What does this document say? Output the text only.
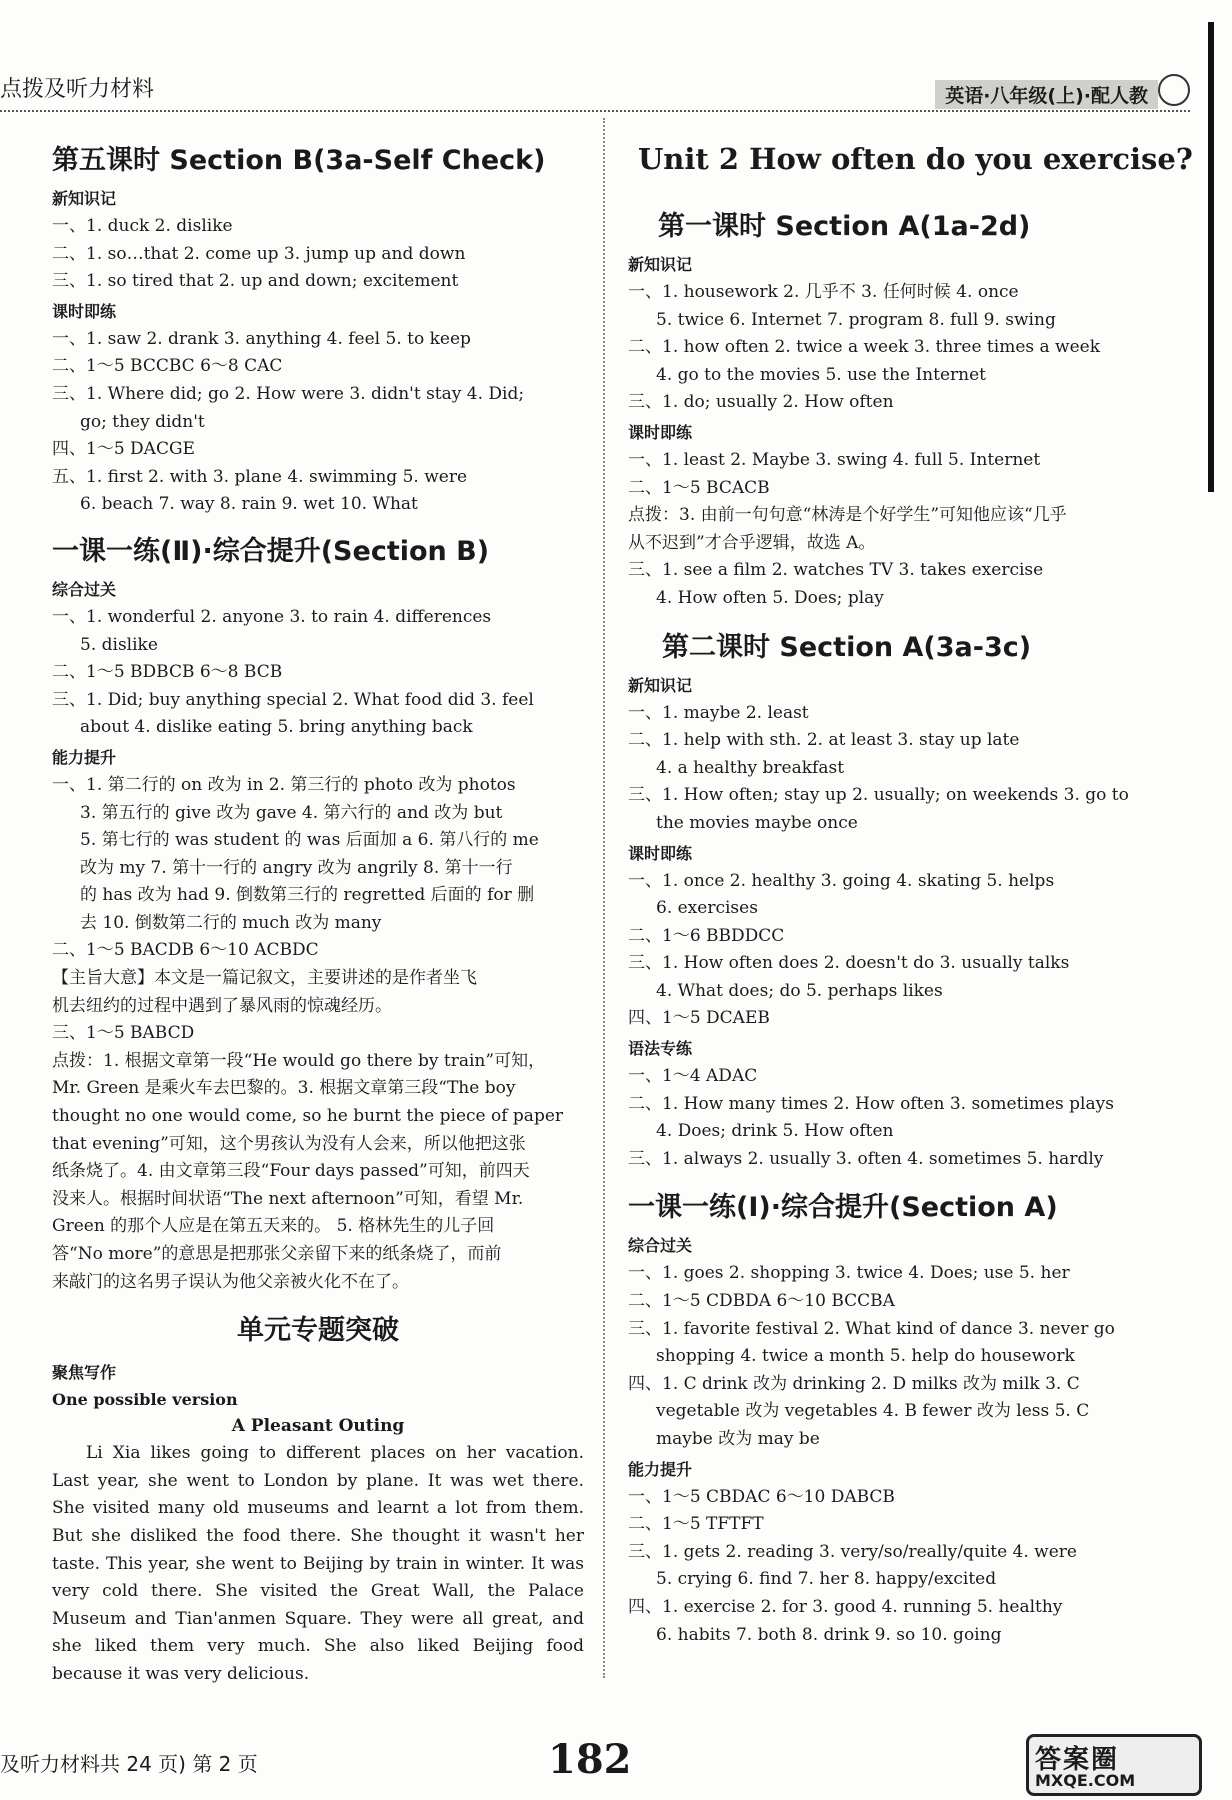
点拨及听力材料	英语·八年级(上)·配人教
第五课时 Section B(3a-Self Check)
新知识记
一、1. duck 2. dislike
二、1. so…that 2. come up 3. jump up and down
三、1. so tired that 2. up and down; excitement
课时即练
一、1. saw 2. drank 3. anything 4. feel 5. to keep
二、1～5 BCCBC 6～8 CAC
三、1. Where did; go 2. How were 3. didn't stay 4. Did;
go; they didn't
四、1～5 DACGE
五、1. first 2. with 3. plane 4. swimming 5. were
6. beach 7. way 8. rain 9. wet 10. What
一课一练(Ⅱ)·综合提升(Section B)
综合过关
一、1. wonderful 2. anyone 3. to rain 4. differences
5. dislike
二、1～5 BDBCB 6～8 BCB
三、1. Did; buy anything special 2. What food did 3. feel
about 4. dislike eating 5. bring anything back
能力提升
一、1. 第二行的 on 改为 in 2. 第三行的 photo 改为 photos
3. 第五行的 give 改为 gave 4. 第六行的 and 改为 but
5. 第七行的 was student 的 was 后面加 a 6. 第八行的 me
改为 my 7. 第十一行的 angry 改为 angrily 8. 第十一行
的 has 改为 had 9. 倒数第三行的 regretted 后面的 for 删
去 10. 倒数第二行的 much 改为 many
二、1～5 BACDB 6～10 ACBDC
【主旨大意】本文是一篇记叙文，主要讲述的是作者坐飞
机去纽约的过程中遇到了暴风雨的惊魂经历。
三、1～5 BABCD
点拨：1. 根据文章第一段“He would go there by train”可知，
Mr. Green 是乘火车去巴黎的。3. 根据文章第三段“The boy
thought no one would come, so he burnt the piece of paper
that evening”可知，这个男孩认为没有人会来，所以他把这张
纸条烧了。4. 由文章第三段“Four days passed”可知，前四天
没来人。根据时间状语“The next afternoon”可知，看望 Mr.
Green 的那个人应是在第五天来的。 5. 格林先生的儿子回
答“No more”的意思是把那张父亲留下来的纸条烧了，而前
来敲门的这名男子误认为他父亲被火化不在了。
单元专题突破
聚焦写作
One possible version
A Pleasant Outing

Li Xia likes going to different places on her vacation. Last year, she went to London by plane. It was wet there. She visited many old museums and learnt a lot from them. But she disliked the food there. She thought it wasn't her taste. This year, she went to Beijing by train in winter. It was very cold there. She visited the Great Wall, the Palace Museum and Tian'anmen Square. They were all great, and she liked them very much. She also liked Beijing food because it was very delicious.

Unit 2 How often do you exercise?
第一课时 Section A(1a-2d)
新知识记
一、1. housework 2. 几乎不 3. 任何时候 4. once
5. twice 6. Internet 7. program 8. full 9. swing
二、1. how often 2. twice a week 3. three times a week
4. go to the movies 5. use the Internet
三、1. do; usually 2. How often
课时即练
一、1. least 2. Maybe 3. swing 4. full 5. Internet
二、1～5 BCACB
点拨：3. 由前一句句意“林涛是个好学生”可知他应该“几乎
从不迟到”才合乎逻辑，故选 A。
三、1. see a film 2. watches TV 3. takes exercise
4. How often 5. Does; play
第二课时 Section A(3a-3c)
新知识记
一、1. maybe 2. least
二、1. help with sth. 2. at least 3. stay up late
4. a healthy breakfast
三、1. How often; stay up 2. usually; on weekends 3. go to
the movies maybe once
课时即练
一、1. once 2. healthy 3. going 4. skating 5. helps
6. exercises
二、1～6 BBDDCC
三、1. How often does 2. doesn't do 3. usually talks
4. What does; do 5. perhaps likes
四、1～5 DCAEB
语法专练
一、1～4 ADAC
二、1. How many times 2. How often 3. sometimes plays
4. Does; drink 5. How often
三、1. always 2. usually 3. often 4. sometimes 5. hardly
一课一练(Ⅰ)·综合提升(Section A)
综合过关
一、1. goes 2. shopping 3. twice 4. Does; use 5. her
二、1～5 CDBDA 6～10 BCCBA
三、1. favorite festival 2. What kind of dance 3. never go
shopping 4. twice a month 5. help do housework
四、1. C drink 改为 drinking 2. D milks 改为 milk 3. C
vegetable 改为 vegetables 4. B fewer 改为 less 5. C
maybe 改为 may be
能力提升
一、1～5 CBDAC 6～10 DABCB
二、1～5 TFTFT
三、1. gets 2. reading 3. very/so/really/quite 4. were
5. crying 6. find 7. her 8. happy/excited
四、1. exercise 2. for 3. good 4. running 5. healthy
6. habits 7. both 8. drink 9. so 10. going
及听力材料共 24 页) 第 2 页	182	答案圈
MXQE.COM
